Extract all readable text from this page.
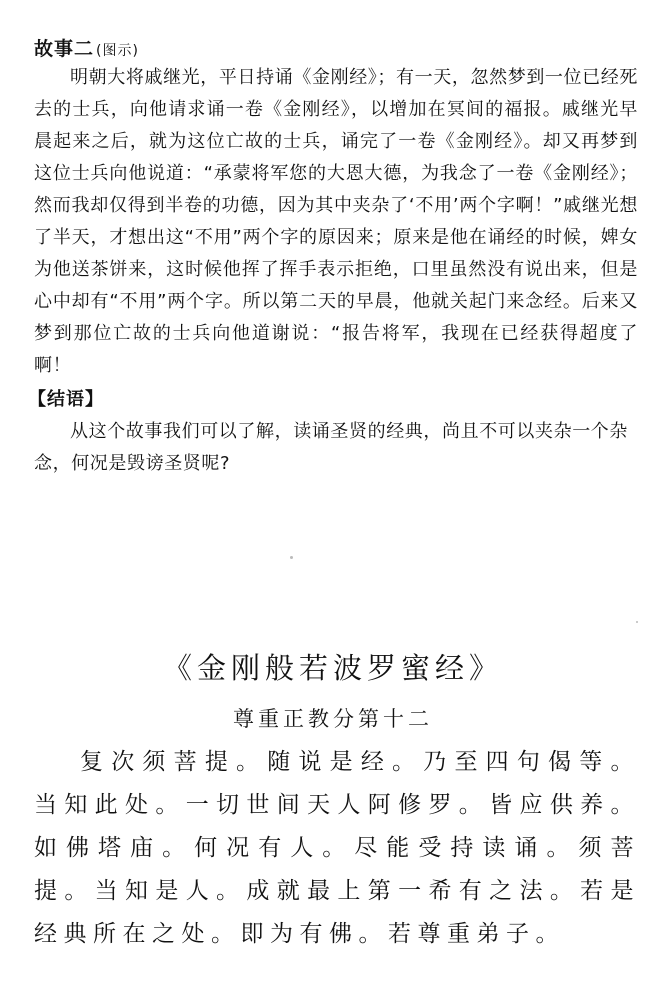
故事二 (图示)

明朝大将戚继光，平日持诵《金刚经》；有一天，忽然梦到一位已经死去的士兵，向他请求诵一卷《金刚经》，以增加在冥间的福报。戚继光早晨起来之后，就为这位亡故的士兵，诵完了一卷《金刚经》。却又再梦到这位士兵向他说道：“承蒙将军您的大恩大德，为我念了一卷《金刚经》；然而我却仅得到半卷的功德，因为其中夹杂了‘不用’两个字啊！”戚继光想了半天，才想出这“不用”两个字的原因来；原来是他在诵经的时候，婢女为他送茶饼来，这时候他挥了挥手表示拒绝，口里虽然没有说出来，但是心中却有“不用”两个字。所以第二天的早晨，他就关起门来念经。后来又梦到那位亡故的士兵向他道谢说：“报告将军，我现在已经获得超度了啊！

【结语】

从这个故事我们可以了解，读诵圣贤的经典，尚且不可以夹杂一个杂念，何况是毁谤圣贤呢?

《金刚般若波罗蜜经》
尊重正教分第十二

复次须菩提。随说是经。乃至四句偈等。当知此处。一切世间天人阿修罗。皆应供养。如佛塔庙。何况有人。尽能受持读诵。须菩提。当知是人。成就最上第一希有之法。若是经典所在之处。即为有佛。若尊重弟子。
